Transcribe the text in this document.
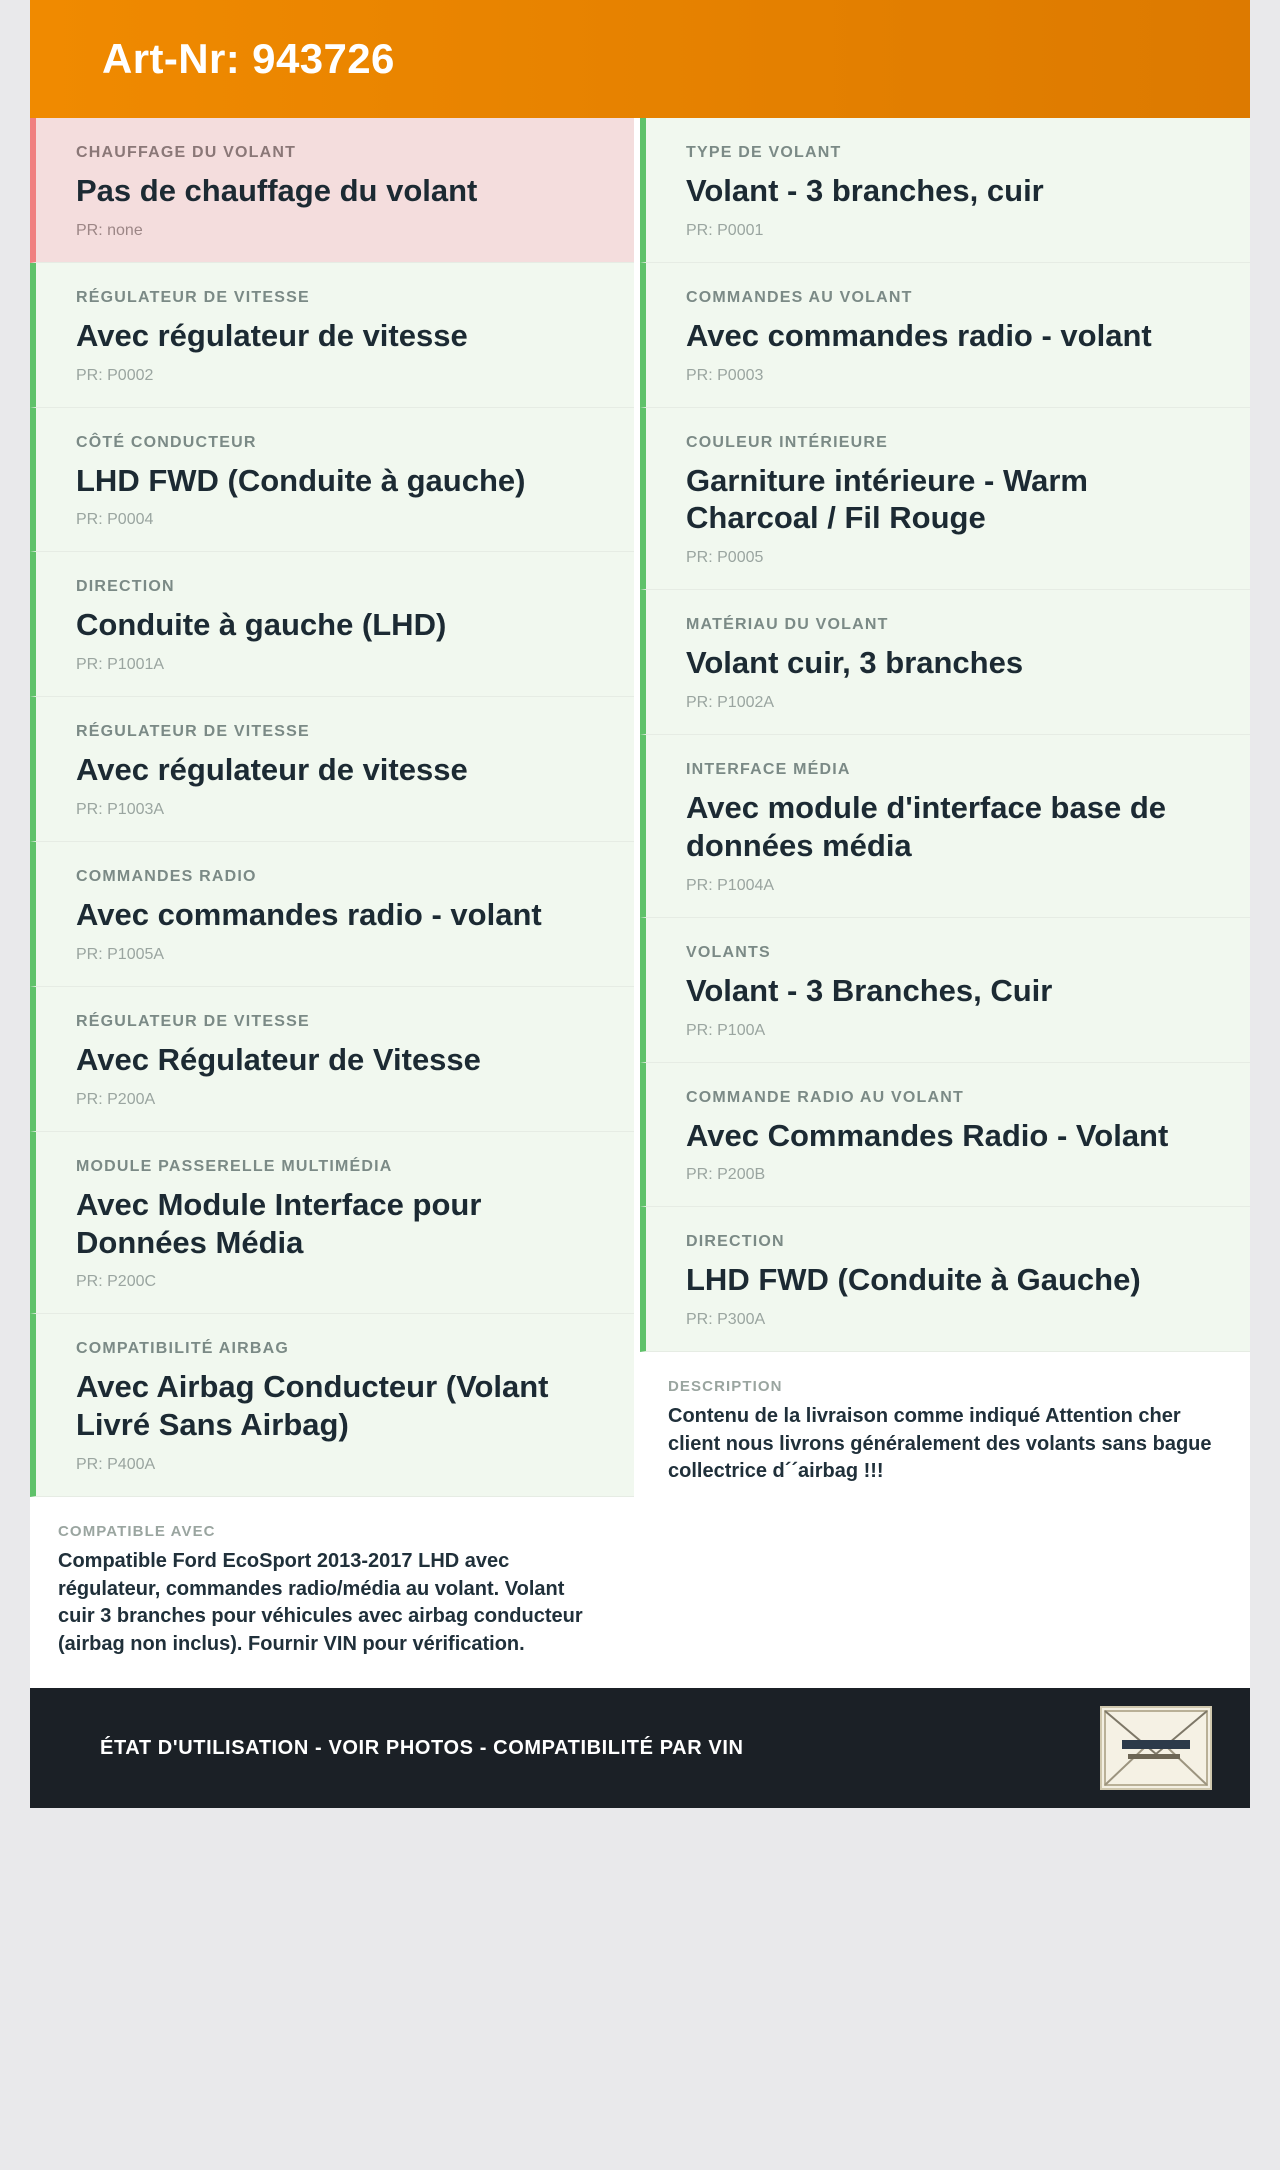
Art-Nr: 943726
CHAUFFAGE DU VOLANT
Pas de chauffage du volant
PR: none
RÉGULATEUR DE VITESSE
Avec régulateur de vitesse
PR: P0002
CÔTÉ CONDUCTEUR
LHD FWD (Conduite à gauche)
PR: P0004
DIRECTION
Conduite à gauche (LHD)
PR: P1001A
RÉGULATEUR DE VITESSE
Avec régulateur de vitesse
PR: P1003A
COMMANDES RADIO
Avec commandes radio - volant
PR: P1005A
RÉGULATEUR DE VITESSE
Avec Régulateur de Vitesse
PR: P200A
MODULE PASSERELLE MULTIMÉDIA
Avec Module Interface pour Données Média
PR: P200C
COMPATIBILITÉ AIRBAG
Avec Airbag Conducteur (Volant Livré Sans Airbag)
PR: P400A
COMPATIBLE AVEC
Compatible Ford EcoSport 2013-2017 LHD avec régulateur, commandes radio/média au volant. Volant cuir 3 branches pour véhicules avec airbag conducteur (airbag non inclus). Fournir VIN pour vérification.
TYPE DE VOLANT
Volant - 3 branches, cuir
PR: P0001
COMMANDES AU VOLANT
Avec commandes radio - volant
PR: P0003
COULEUR INTÉRIEURE
Garniture intérieure - Warm Charcoal / Fil Rouge
PR: P0005
MATÉRIAU DU VOLANT
Volant cuir, 3 branches
PR: P1002A
INTERFACE MÉDIA
Avec module d'interface base de données média
PR: P1004A
VOLANTS
Volant - 3 Branches, Cuir
PR: P100A
COMMANDE RADIO AU VOLANT
Avec Commandes Radio - Volant
PR: P200B
DIRECTION
LHD FWD (Conduite à Gauche)
PR: P300A
DESCRIPTION
Contenu de la livraison comme indiqué Attention cher client nous livrons généralement des volants sans bague collectrice d´´airbag !!!
ÉTAT D'UTILISATION - VOIR PHOTOS - COMPATIBILITÉ PAR VIN
